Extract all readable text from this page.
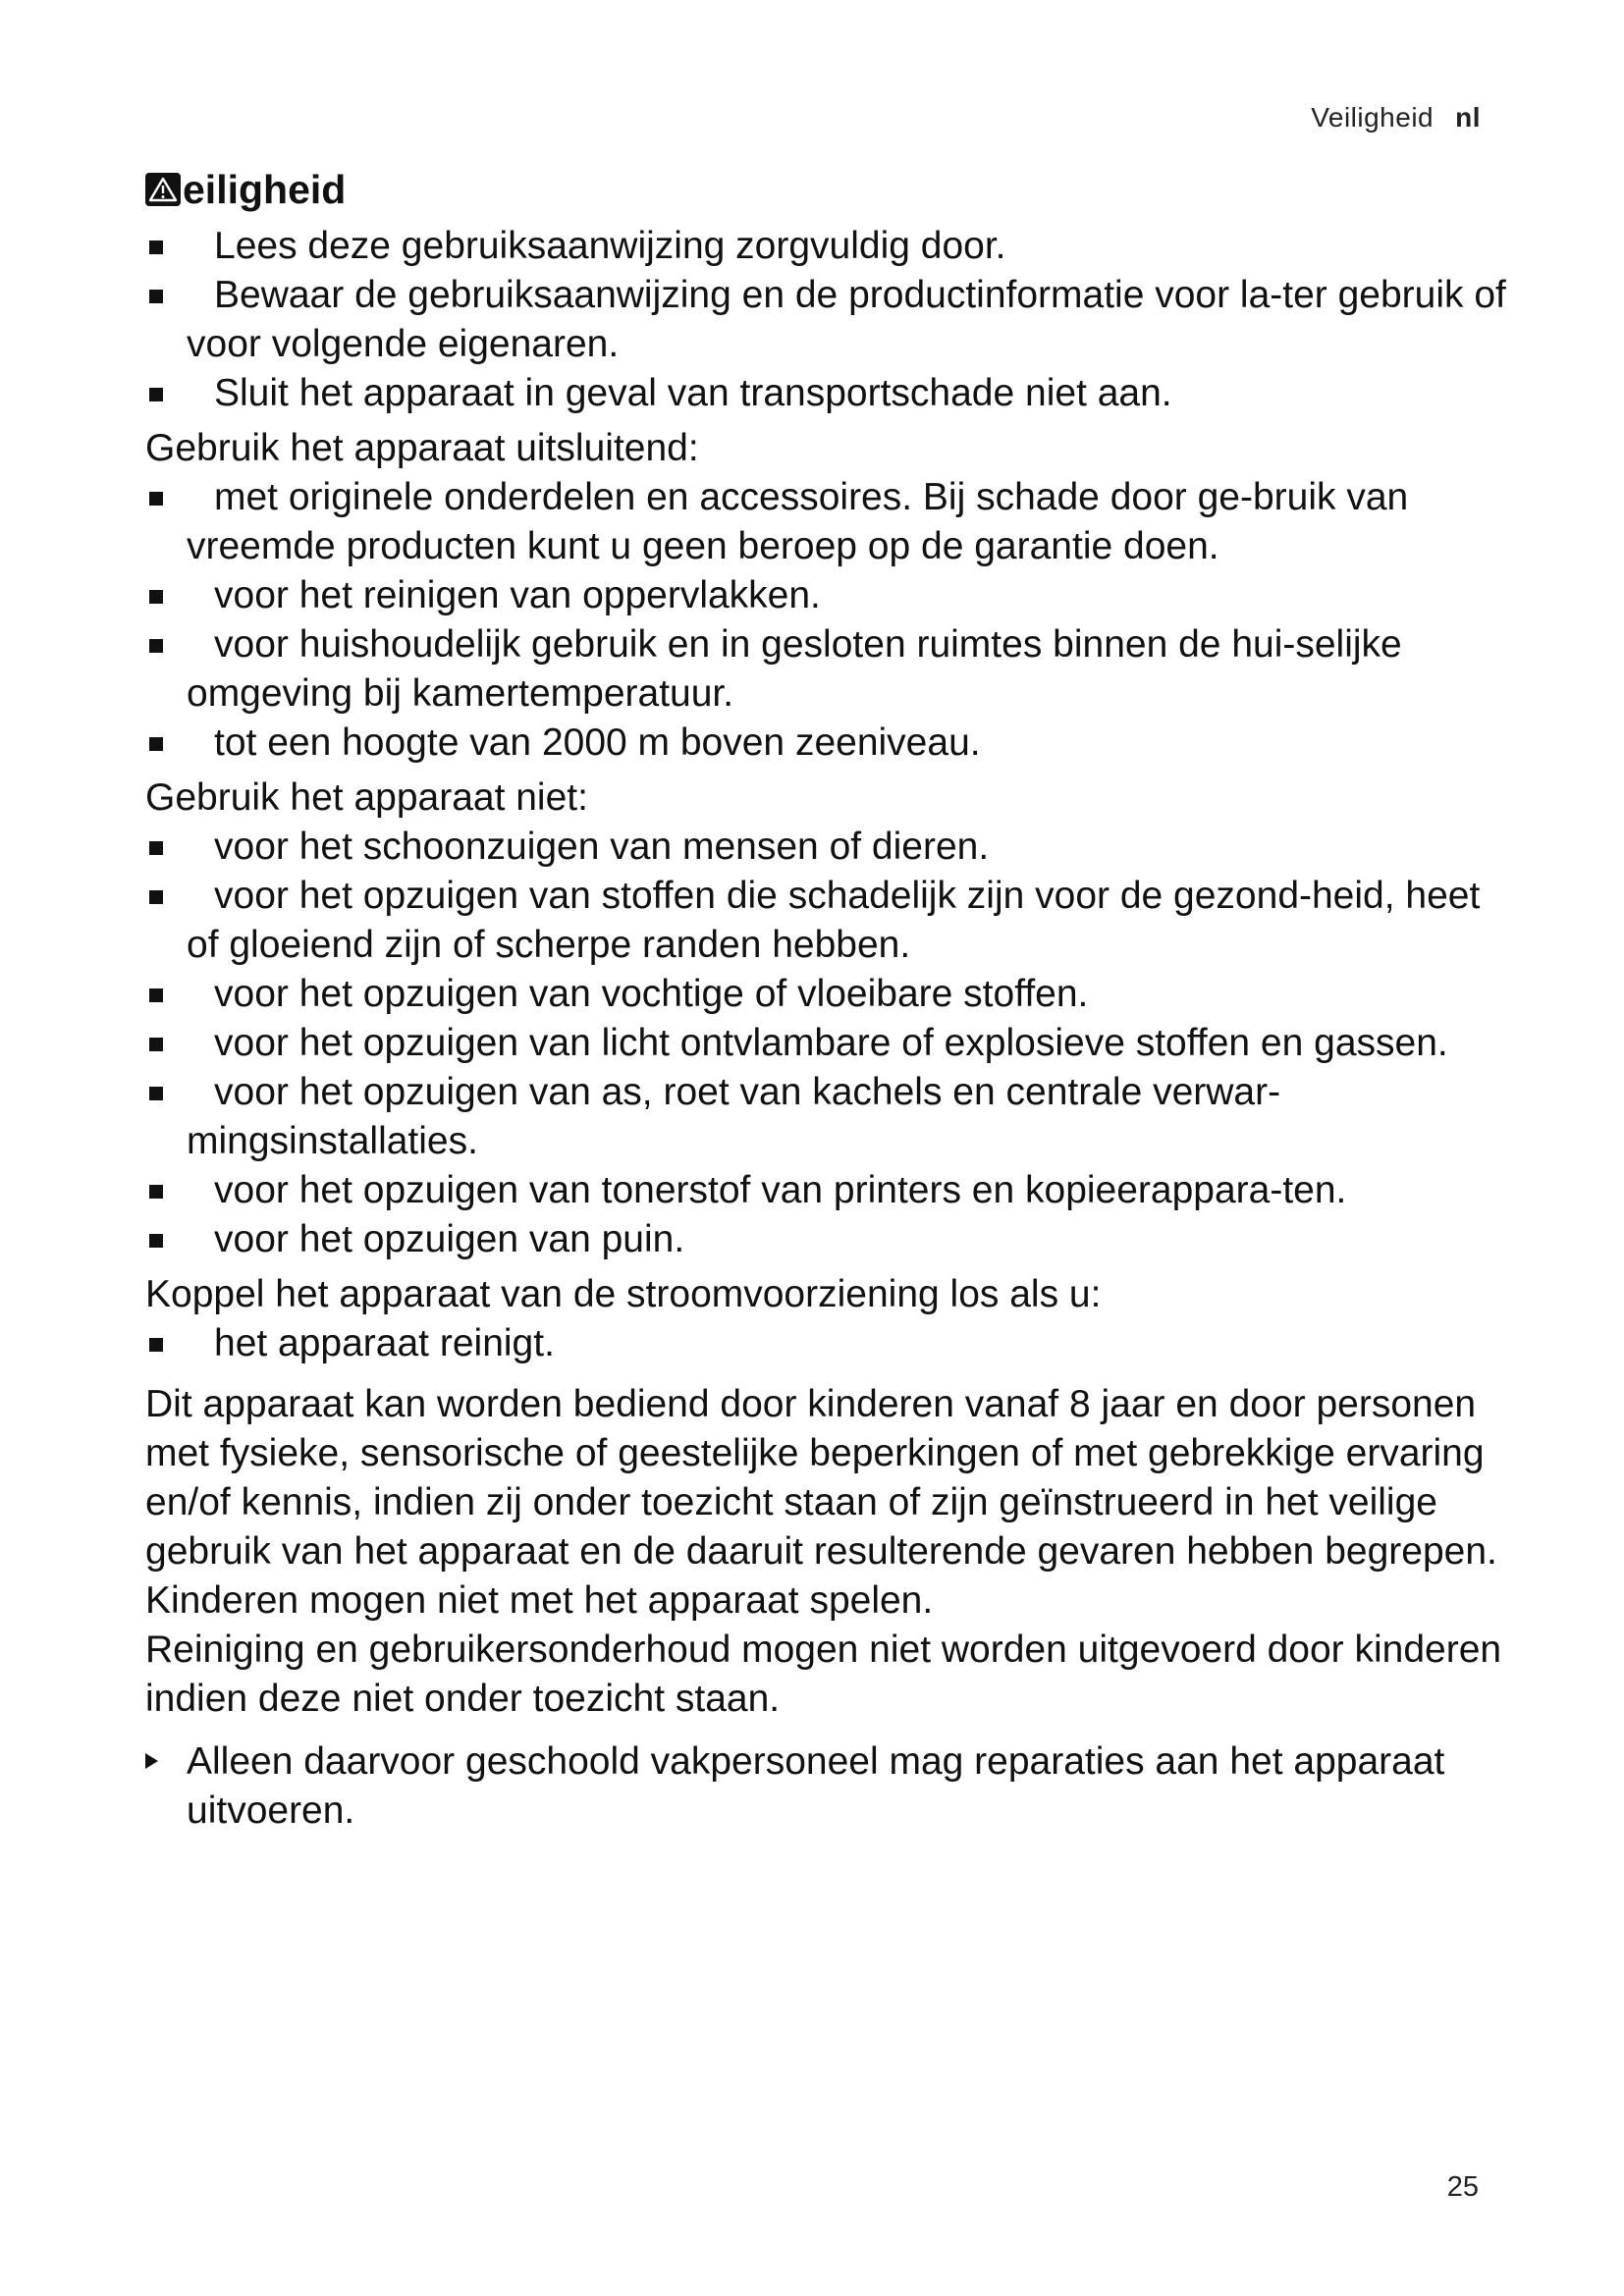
Veiligheid nl
eiligheid
Lees deze gebruiksaanwijzing zorgvuldig door.
Bewaar de gebruiksaanwijzing en de productinformatie voor la-ter gebruik of voor volgende eigenaren.
Sluit het apparaat in geval van transportschade niet aan.

Gebruik het apparaat uitsluitend:

met originele onderdelen en accessoires. Bij schade door ge-bruik van vreemde producten kunt u geen beroep op de garantie doen.
voor het reinigen van oppervlakken.
voor huishoudelijk gebruik en in gesloten ruimtes binnen de hui-selijke omgeving bij kamertemperatuur.
tot een hoogte van 2000 m boven zeeniveau.

Gebruik het apparaat niet:

voor het schoonzuigen van mensen of dieren.
voor het opzuigen van stoffen die schadelijk zijn voor de gezond-heid, heet of gloeiend zijn of scherpe randen hebben.
voor het opzuigen van vochtige of vloeibare stoffen.
voor het opzuigen van licht ontvlambare of explosieve stoffen en gassen.
voor het opzuigen van as, roet van kachels en centrale verwar-mingsinstallaties.
voor het opzuigen van tonerstof van printers en kopieerappara-ten.
voor het opzuigen van puin.

Koppel het apparaat van de stroomvoorziening los als u:

het apparaat reinigt.

Dit apparaat kan worden bediend door kinderen vanaf 8 jaar en door personen met fysieke, sensorische of geestelijke beperkingen of met gebrekkige ervaring en/of kennis, indien zij onder toezicht staan of zijn geïnstrueerd in het veilige gebruik van het apparaat en de daaruit resulterende gevaren hebben begrepen.

Kinderen mogen niet met het apparaat spelen.

Reiniging en gebruikersonderhoud mogen niet worden uitgevoerd door kinderen indien deze niet onder toezicht staan.

Alleen daarvoor geschoold vakpersoneel mag reparaties aan het apparaat uitvoeren.
25
